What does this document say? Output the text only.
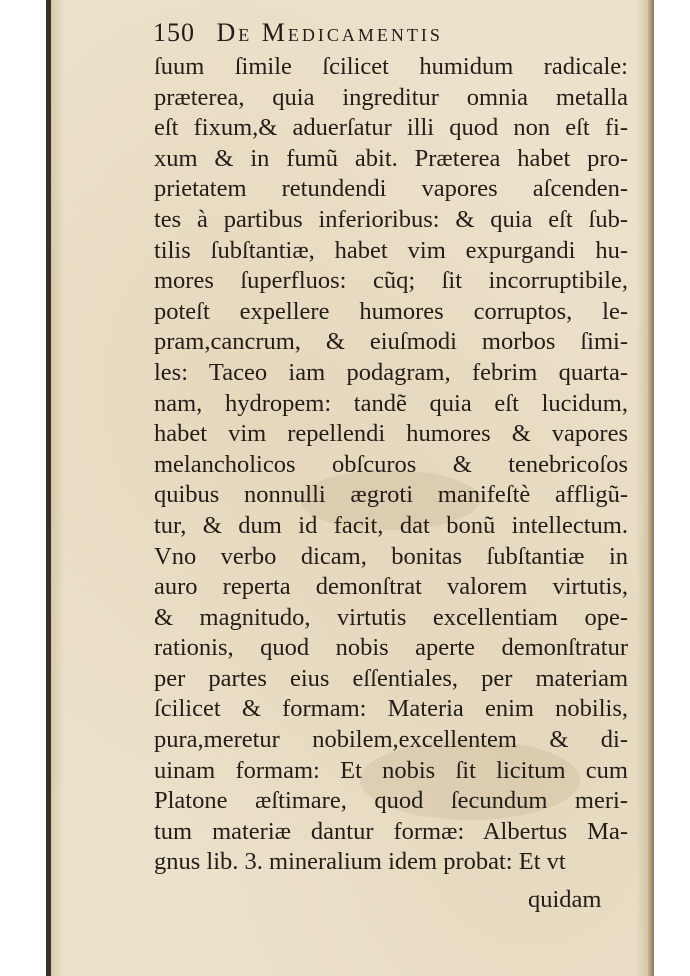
150 De Medicamentis
ſuum ſimile ſcilicet humidum radicale:
præterea, quia ingreditur omnia metalla
eſt fixum,& aduerſatur illi quod non eſt fi-
xum & in fumũ abit. Præterea habet pro-
prietatem retundendi vapores aſcenden-
tes à partibus inferioribus: & quia eſt ſub-
tilis ſubſtantiæ, habet vim expurgandi hu-
mores ſuperfluos: cũq; ſit incorruptibile,
poteſt expellere humores corruptos, le-
pram,cancrum, & eiuſmodi morbos ſimi-
les: Taceo iam podagram, febrim quarta-
nam, hydropem: tandẽ quia eſt lucidum,
habet vim repellendi humores & vapores
melancholicos obſcuros & tenebricoſos
quibus nonnulli ægroti manifeſtè affligũ-
tur, & dum id facit, dat bonũ intellectum.
Vno verbo dicam, bonitas ſubſtantiæ in
auro reperta demonſtrat valorem virtutis,
& magnitudo, virtutis excellentiam ope-
rationis, quod nobis aperte demonſtratur
per partes eius eſſentiales, per materiam
ſcilicet & formam: Materia enim nobilis,
pura,meretur nobilem,excellentem & di-
uinam formam: Et nobis ſit licitum cum
Platone æſtimare, quod ſecundum meri-
tum materiæ dantur formæ: Albertus Ma-
gnus lib. 3. mineralium idem probat: Et vt
quidam
